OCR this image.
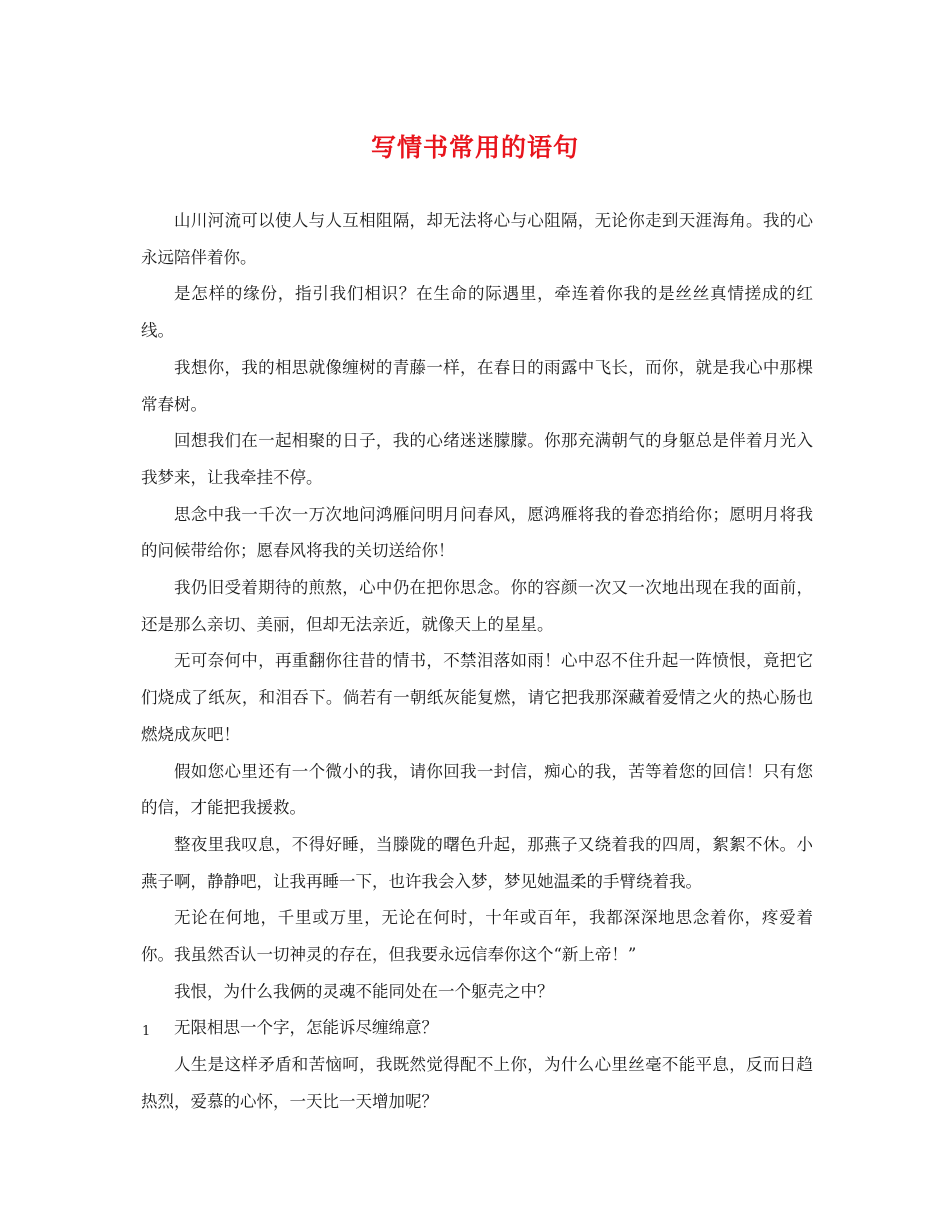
写情书常用的语句

山川河流可以使人与人互相阻隔，却无法将心与心阻隔，无论你走到天涯海角。我的心永远陪伴着你。

是怎样的缘份，指引我们相识？在生命的际遇里，牵连着你我的是丝丝真情搓成的红线。

我想你，我的相思就像缠树的青藤一样，在春日的雨露中飞长，而你，就是我心中那棵常春树。

回想我们在一起相聚的日子，我的心绪迷迷朦朦。你那充满朝气的身躯总是伴着月光入我梦来，让我牵挂不停。

思念中我一千次一万次地问鸿雁问明月问春风，愿鸿雁将我的眷恋捎给你；愿明月将我的问候带给你；愿春风将我的关切送给你！

我仍旧受着期待的煎熬，心中仍在把你思念。你的容颜一次又一次地出现在我的面前，还是那么亲切、美丽，但却无法亲近，就像天上的星星。

无可奈何中，再重翻你往昔的情书，不禁泪落如雨！心中忍不住升起一阵愤恨，竟把它们烧成了纸灰，和泪吞下。倘若有一朝纸灰能复燃，请它把我那深藏着爱情之火的热心肠也燃烧成灰吧！

假如您心里还有一个微小的我，请你回我一封信，痴心的我，苦等着您的回信！只有您的信，才能把我援救。

整夜里我叹息，不得好睡，当滕陇的曙色升起，那燕子又绕着我的四周，絮絮不休。小燕子啊，静静吧，让我再睡一下，也许我会入梦，梦见她温柔的手臂绕着我。

无论在何地，千里或万里，无论在何时，十年或百年，我都深深地思念着你，疼爱着你。我虽然否认一切神灵的存在，但我要永远信奉你这个“新上帝！”

我恨，为什么我俩的灵魂不能同处在一个躯壳之中？

无限相思一个字，怎能诉尽缠绵意？

人生是这样矛盾和苦恼呵，我既然觉得配不上你，为什么心里丝毫不能平息，反而日趋热烈，爱慕的心怀，一天比一天增加呢？

1
